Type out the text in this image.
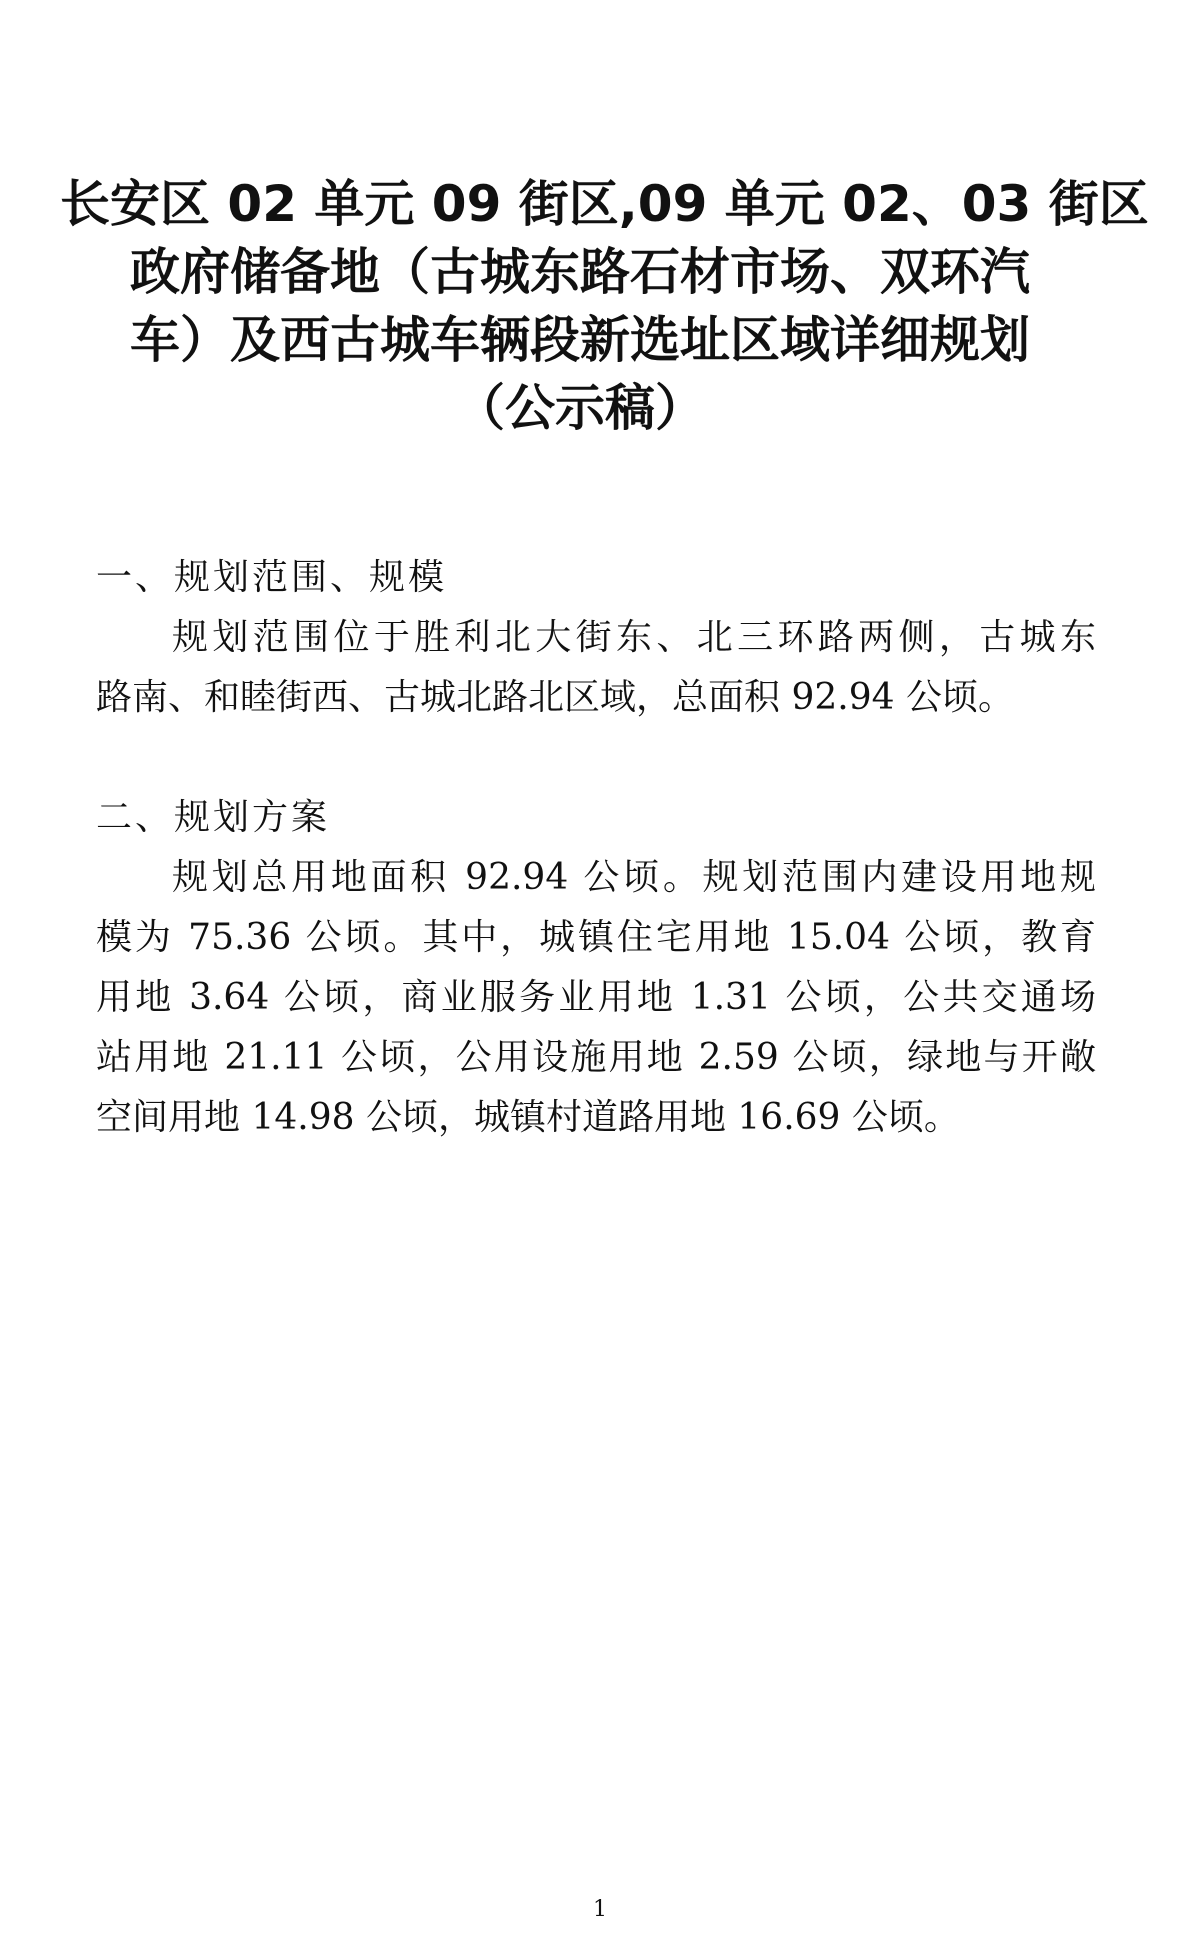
长安区 02 单元 09 街区,09 单元 02、03 街区
政府储备地（古城东路石材市场、双环汽
车）及西古城车辆段新选址区域详细规划
（公示稿）

一、规划范围、规模

规划范围位于胜利北大街东、北三环路两侧，古城东

路南、和睦街西、古城北路北区域，总面积 92.94 公顷。

二、规划方案

规划总用地面积 92.94 公顷。规划范围内建设用地规

模为 75.36 公顷。其中，城镇住宅用地 15.04 公顷，教育

用地 3.64 公顷，商业服务业用地 1.31 公顷，公共交通场

站用地 21.11 公顷，公用设施用地 2.59 公顷，绿地与开敞

空间用地 14.98 公顷，城镇村道路用地 16.69 公顷。

1
